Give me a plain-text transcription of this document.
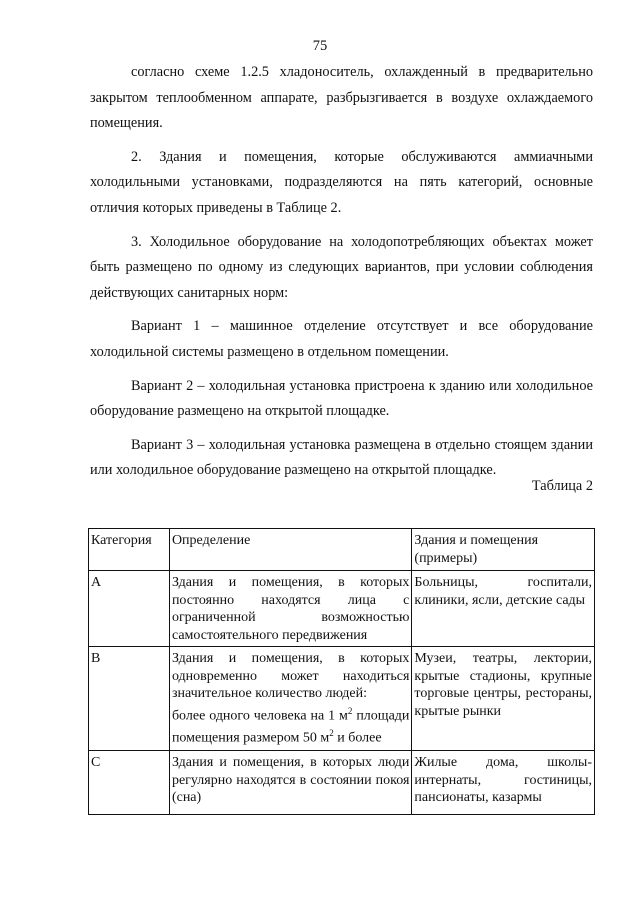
75

согласно схеме 1.2.5 хладоноситель, охлажденный в предварительно закрытом теплообменном аппарате, разбрызгивается в воздухе охлаждаемого помещения.

2. Здания и помещения, которые обслуживаются аммиачными холодильными установками, подразделяются на пять категорий, основные отличия которых приведены в Таблице 2.

3. Холодильное оборудование на холодопотребляющих объектах может быть размещено по одному из следующих вариантов, при условии соблюдения действующих санитарных норм:

Вариант 1 – машинное отделение отсутствует и все оборудование холодильной системы размещено в отдельном помещении.

Вариант 2 – холодильная установка пристроена к зданию или холодильное оборудование размещено на открытой площадке.

Вариант 3 – холодильная установка размещена в отдельно стоящем здании или холодильное оборудование размещено на открытой площадке.

Таблица 2
Категория	Определение	Здания и помещения (примеры)
А	Здания и помещения, в которых постоянно находятся лица с ограниченной возможностью самостоятельного передвижения	Больницы, госпитали, клиники, ясли, детские сады
В	Здания и помещения, в которых одновременно может находиться значительное количество людей:
более одного человека на 1 $м^2$ площади помещения размером 50 $м^2$ и более	Музеи, театры, лектории, крытые стадионы, крупные торговые центры, рестораны, крытые рынки
С	Здания и помещения, в которых люди регулярно находятся в состоянии покоя (сна)	Жилые дома, школы-интернаты, гостиницы, пансионаты, казармы
